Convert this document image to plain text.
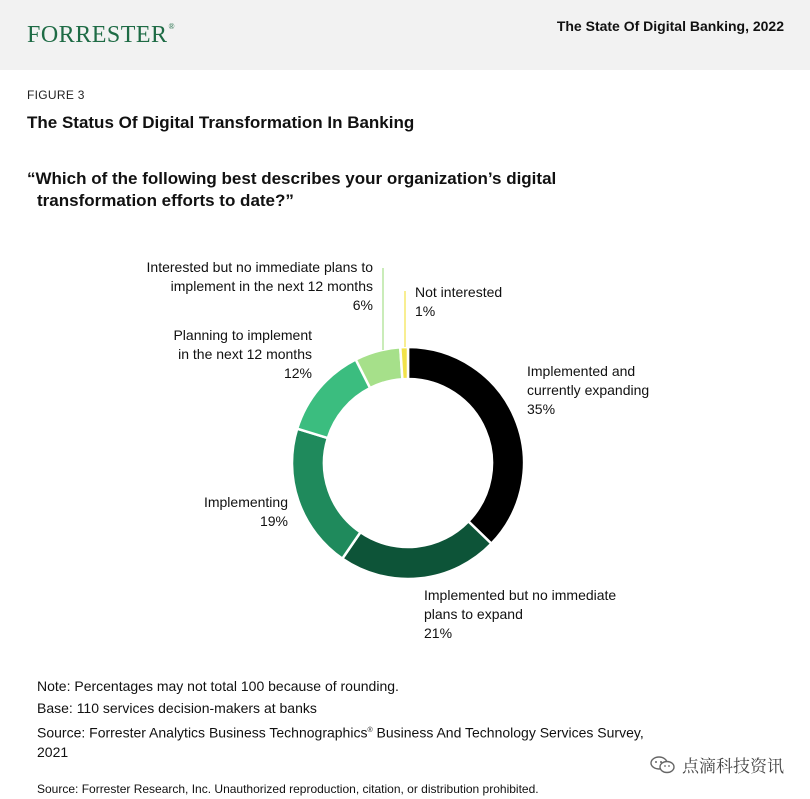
FORRESTER®	The State Of Digital Banking, 2022
FIGURE 3
The Status Of Digital Transformation In Banking
“Which of the following best describes your organization’s digital
transformation efforts to date?”
Implemented and
currently expanding
35%
Implemented but no immediate
plans to expand
21%
Implementing
19%
Planning to implement
in the next 12 months
12%
Interested but no immediate plans to
implement in the next 12 months
6%
Not interested
1%
Note: Percentages may not total 100 because of rounding.
Base: 110 services decision-makers at banks
Source: Forrester Analytics Business Technographics® Business And Technology Services Survey,
2021
点滴科技资讯
Source: Forrester Research, Inc. Unauthorized reproduction, citation, or distribution prohibited.
